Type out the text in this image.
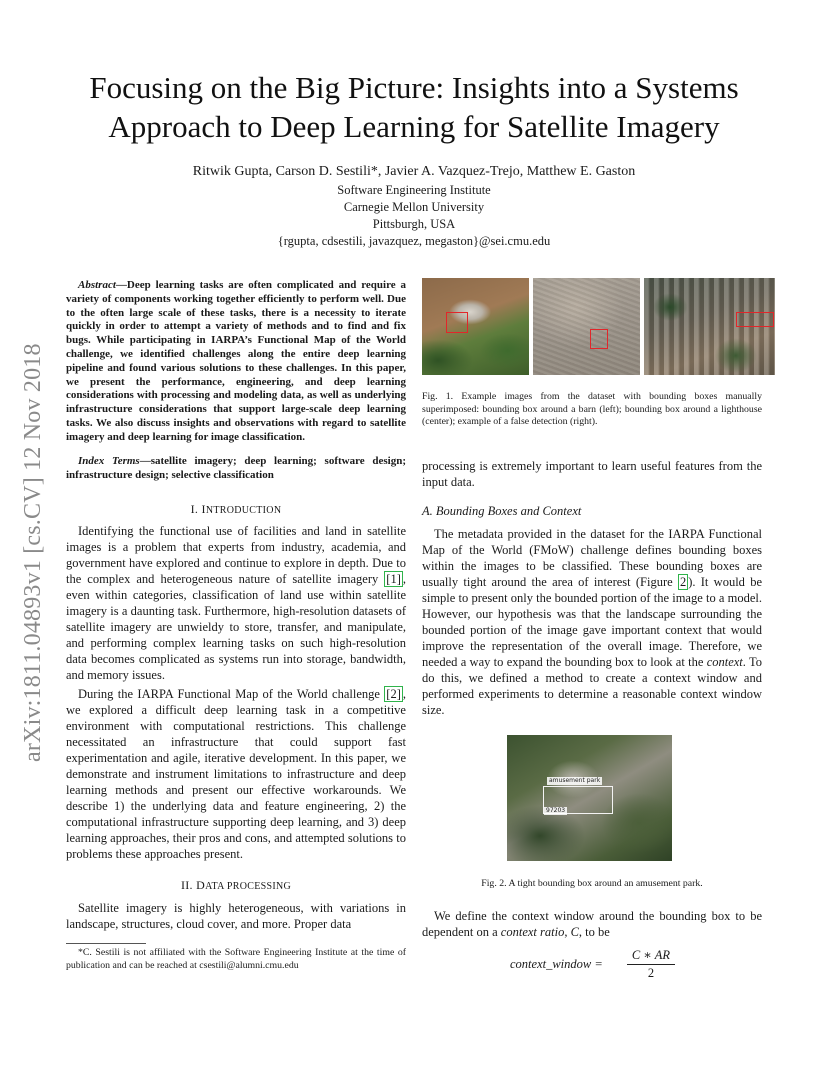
Focusing on the Big Picture: Insights into a Systems Approach to Deep Learning for Satellite Imagery
Ritwik Gupta, Carson D. Sestili*, Javier A. Vazquez-Trejo, Matthew E. Gaston
Software Engineering Institute
Carnegie Mellon University
Pittsburgh, USA
{rgupta, cdsestili, javazquez, megaston}@sei.cmu.edu
arXiv:1811.04893v1 [cs.CV] 12 Nov 2018
Abstract—Deep learning tasks are often complicated and require a variety of components working together efficiently to perform well. Due to the often large scale of these tasks, there is a necessity to iterate quickly in order to attempt a variety of methods and to find and fix bugs. While participating in IARPA’s Functional Map of the World challenge, we identified challenges along the entire deep learning pipeline and found various solutions to these challenges. In this paper, we present the performance, engineering, and deep learning considerations with processing and modeling data, as well as underlying infrastructure considerations that support large-scale deep learning tasks. We also discuss insights and observations with regard to satellite imagery and deep learning for image classification.
Index Terms—satellite imagery; deep learning; software design; infrastructure design; selective classification
I. INTRODUCTION
Identifying the functional use of facilities and land in satellite images is a problem that experts from industry, academia, and government have explored and continue to explore in depth. Due to the complex and heterogeneous nature of satellite imagery [1] , even within categories, classification of land use within satellite imagery is a daunting task. Furthermore, high-resolution datasets of satellite imagery are unwieldy to store, transfer, and manipulate, and performing complex learning tasks on such high-resolution data becomes complicated as systems run into storage, bandwidth, and memory issues.
During the IARPA Functional Map of the World challenge [2] , we explored a difficult deep learning task in a competitive environment with computational restrictions. This challenge necessitated an infrastructure that could support fast experimentation and agile, iterative development. In this paper, we demonstrate and instrument limitations to infrastructure and deep learning methods and present our effective workarounds. We describe 1) the underlying data and feature engineering, 2) the computational infrastructure supporting deep learning, and 3) deep learning approaches, their pros and cons, and attempted solutions to problems these approaches present.
II. DATA PROCESSING
Satellite imagery is highly heterogeneous, with variations in landscape, structures, cloud cover, and more. Proper data
*C. Sestili is not affiliated with the Software Engineering Institute at the time of publication and can be reached at csestili@alumni.cmu.edu
Fig. 1. Example images from the dataset with bounding boxes manually superimposed: bounding box around a barn (left); bounding box around a lighthouse (center); example of a false detection (right).
processing is extremely important to learn useful features from the input data.
A. Bounding Boxes and Context
The metadata provided in the dataset for the IARPA Functional Map of the World (FMoW) challenge defines bounding boxes within the images to be classified. These bounding boxes are usually tight around the area of interest (Figure 2 ). It would be simple to present only the bounded portion of the image to a model. However, our hypothesis was that the landscape surrounding the bounded portion of the image gave important context that would improve the representation of the overall image. Therefore, we needed a way to expand the bounding box to look at the context. To do this, we defined a method to create a context window and performed experiments to determine a reasonable context window size.
amusement park
97203
Fig. 2. A tight bounding box around an amusement park.
We define the context window around the bounding box to be dependent on a context ratio, C, to be
context_window = $\frac{C ∗ AR}{2}$
